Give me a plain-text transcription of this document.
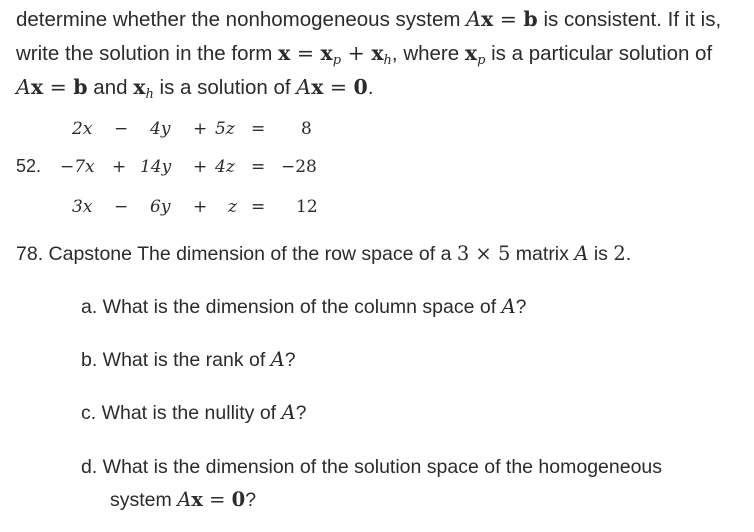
determine whether the nonhomogeneous system Ax = b is consistent. If it is,
write the solution in the form $x = x_p + x_h$, where $x_p$ is a particular solution of
Ax = b and $x_h$ is a solution of Ax = 0.
52.
2x − 4y + 5z = 8
−7x + 14y + 4z = −28
3x − 6y + z = 12
78. Capstone The dimension of the row space of a 3 × 5 matrix A is 2.
a. What is the dimension of the column space of A?
b. What is the rank of A?
c. What is the nullity of A?
d. What is the dimension of the solution space of the homogeneous
system Ax = 0?
